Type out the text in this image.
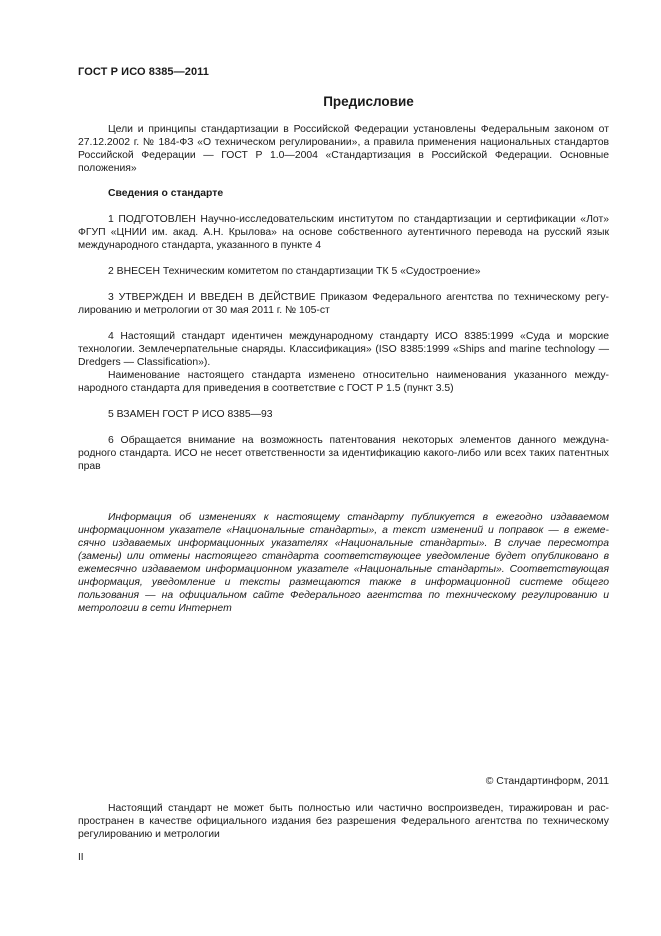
ГОСТ Р ИСО 8385—2011
Предисловие

Цели и принципы стандартизации в Российской Федерации установлены Федеральным законом от 27.12.2002 г. № 184-ФЗ «О техническом регулировании», а правила применения национальных стандартов Российской Федерации — ГОСТ Р 1.0—2004 «Стандартизация в Российской Федерации. Основные положения»

Сведения о стандарте

1 ПОДГОТОВЛЕН Научно-исследовательским институтом по стандартизации и сертификации «Лот» ФГУП «ЦНИИ им. акад. А.Н. Крылова» на основе собственного аутентичного перевода на русский язык международного стандарта, указанного в пункте 4

2 ВНЕСЕН Техническим комитетом по стандартизации ТК 5 «Судостроение»

3 УТВЕРЖДЕН И ВВЕДЕН В ДЕЙСТВИЕ Приказом Федерального агентства по техническому регулированию и метрологии от 30 мая 2011 г. № 105-ст

4 Настоящий стандарт идентичен международному стандарту ИСО 8385:1999 «Суда и морские технологии. Землечерпательные снаряды. Классификация» (ISO 8385:1999 «Ships and marine technology — Dredgers — Classification»).

Наименование настоящего стандарта изменено относительно наименования указанного международного стандарта для приведения в соответствие с ГОСТ Р 1.5 (пункт 3.5)

5 ВЗАМЕН ГОСТ Р ИСО 8385—93

6 Обращается внимание на возможность патентования некоторых элементов данного международного стандарта. ИСО не несет ответственности за идентификацию какого-либо или всех таких патентных прав

Информация об изменениях к настоящему стандарту публикуется в ежегодно издаваемом информационном указателе «Национальные стандарты», а текст изменений и поправок — в ежемесячно издаваемых информационных указателях «Национальные стандарты». В случае пересмотра (замены) или отмены настоящего стандарта соответствующее уведомление будет опубликовано в ежемесячно издаваемом информационном указателе «Национальные стандарты». Соответствующая информация, уведомление и тексты размещаются также в информационной системе общего пользования — на официальном сайте Федерального агентства по техническому регулированию и метрологии в сети Интернет

© Стандартинформ, 2011

Настоящий стандарт не может быть полностью или частично воспроизведен, тиражирован и распространен в качестве официального издания без разрешения Федерального агентства по техническому регулированию и метрологии

II
